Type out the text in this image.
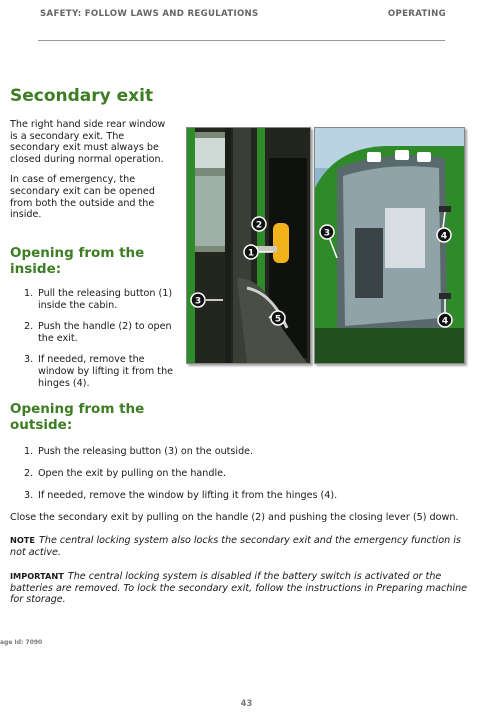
SAFETY: FOLLOW LAWS AND REGULATIONS	OPERATING
Secondary exit

The right hand side rear window is a secondary exit. The secondary exit must always be closed during normal operation.

In case of emergency, the secondary exit can be opened from both the outside and the inside.

Opening from the inside:
1. Pull the releasing button (1) inside the cabin.
2. Push the handle (2) to open the exit.
3. If needed, remove the window by lifting it from the hinges (4).
2
1
3
5
3	4
4
Opening from the outside:
1. Push the releasing button (3) on the outside.
2. Open the exit by pulling on the handle.
3. If needed, remove the window by lifting it from the hinges (4).

Close the secondary exit by pulling on the handle (2) and pushing the closing lever (5) down.

NOTE The central locking system also locks the secondary exit and the emergency function is not active.

IMPORTANT The central locking system is disabled if the battery switch is activated or the batteries are removed. To lock the secondary exit, follow the instructions in Preparing machine for storage.

age Id: 7090
43
